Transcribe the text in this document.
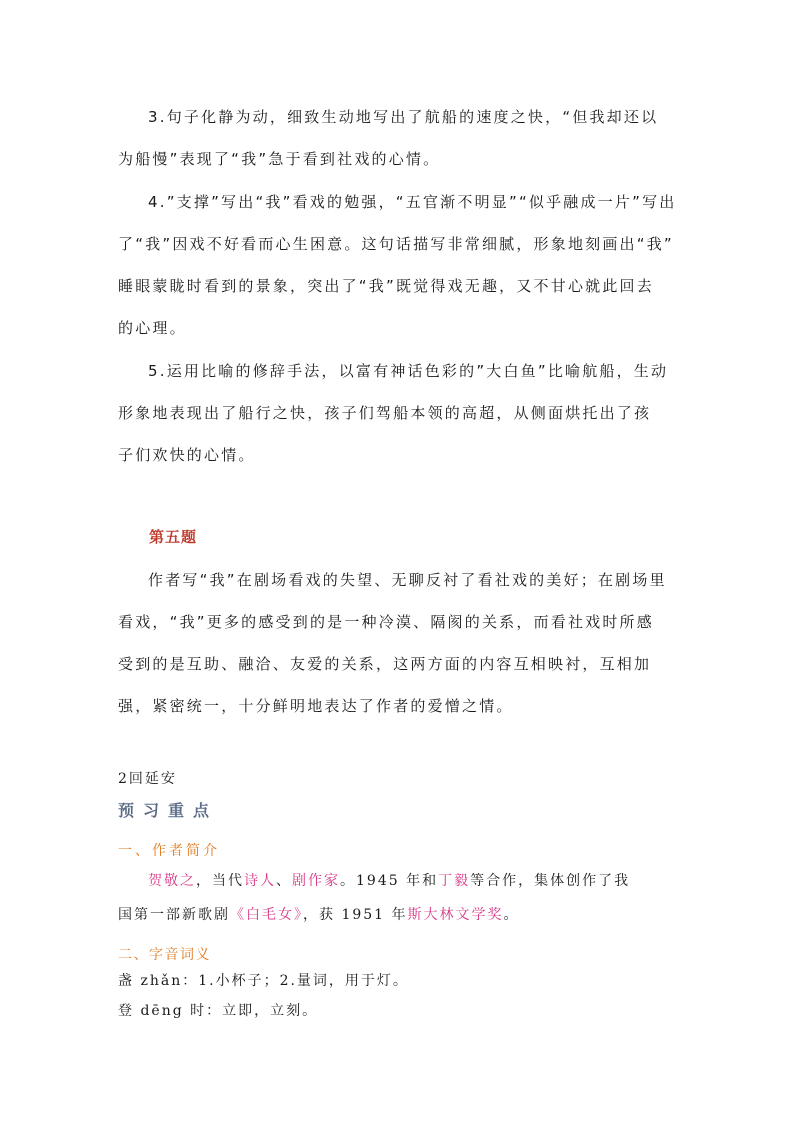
3.句子化静为动，细致生动地写出了航船的速度之快，“但我却还以

为船慢”表现了“我”急于看到社戏的心情。

4.”支撑”写出“我”看戏的勉强，“五官渐不明显”“似乎融成一片”写出

了“我”因戏不好看而心生困意。这句话描写非常细腻，形象地刻画出“我”

睡眼蒙眬时看到的景象，突出了“我”既觉得戏无趣，又不甘心就此回去

的心理。

5.运用比喻的修辞手法，以富有神话色彩的”大白鱼”比喻航船，生动

形象地表现出了船行之快，孩子们驾船本领的高超，从侧面烘托出了孩

子们欢快的心情。

第五题

作者写“我”在剧场看戏的失望、无聊反衬了看社戏的美好；在剧场里

看戏，“我”更多的感受到的是一种冷漠、隔阂的关系，而看社戏时所感

受到的是互助、融洽、友爱的关系，这两方面的内容互相映衬，互相加

强，紧密统一，十分鲜明地表达了作者的爱憎之情。

2回延安

预习重点

一、作者简介

贺敬之，当代诗人、剧作家。1945 年和丁毅等合作，集体创作了我
国第一部新歌剧《白毛女》，获 1951 年斯大林文学奖。

二、字音词义

盏 zhǎn：1.小杯子；2.量词，用于灯。

登 dēng 时：立即，立刻。
